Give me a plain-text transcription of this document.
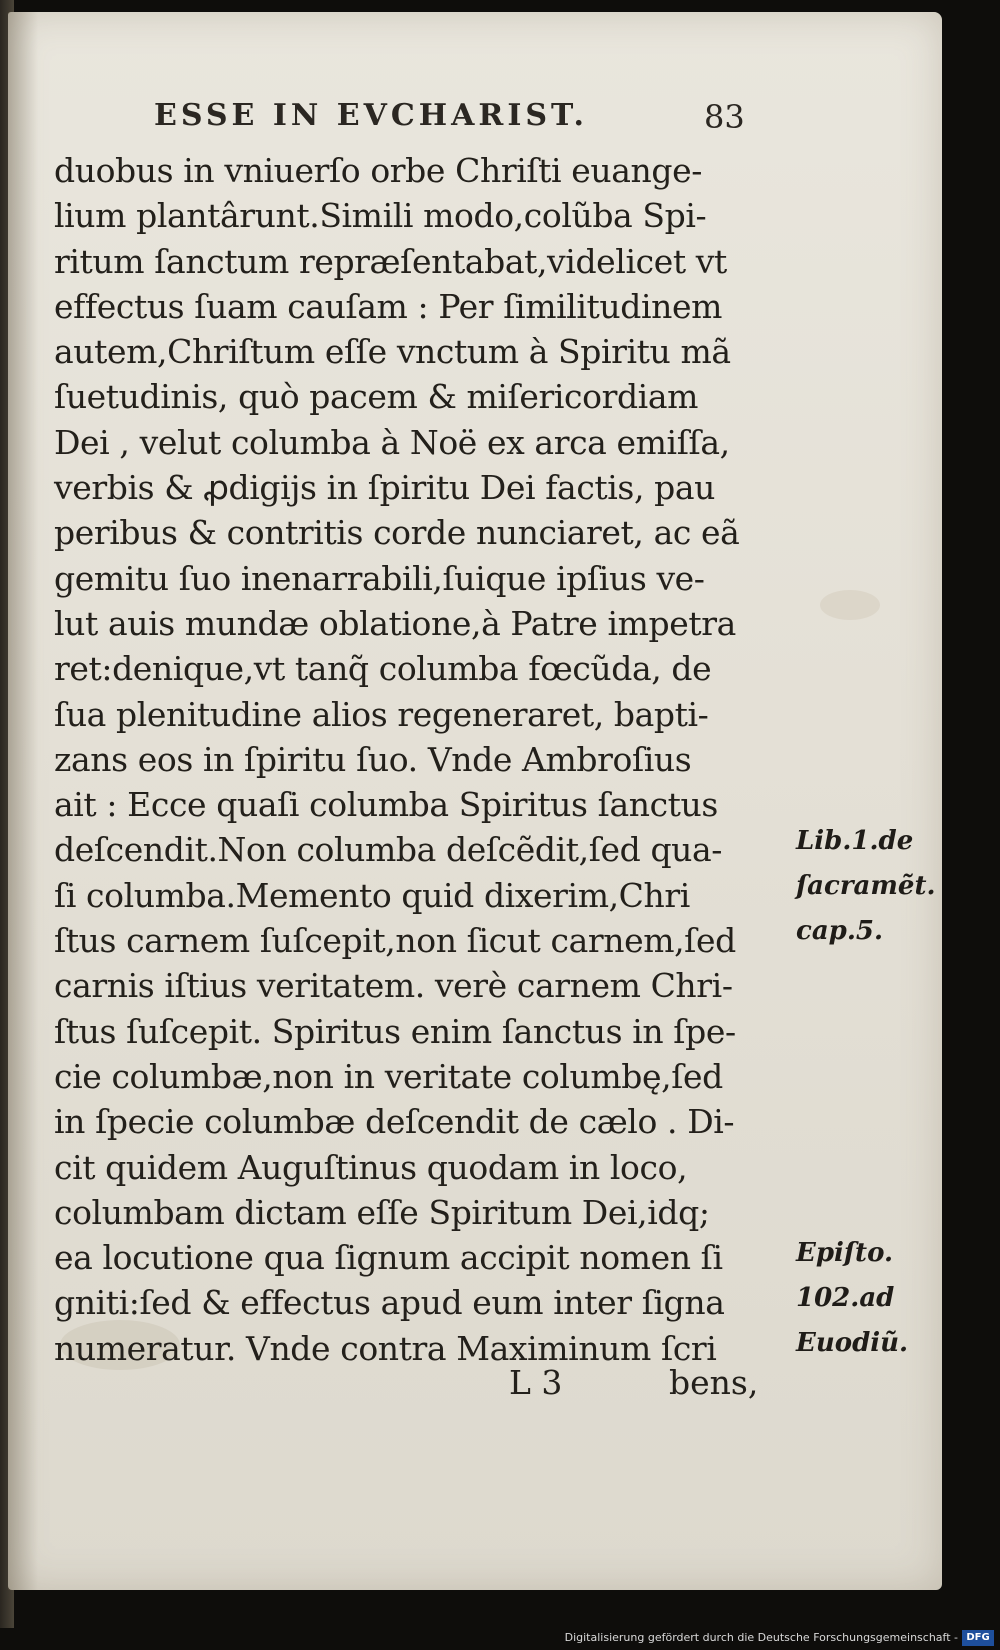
ESSE IN EVCHARIST.	83
duobus in vniuerſo orbe Chriſti euange-
lium plantârunt.Simili modo,colũba Spi-
ritum ſanctum repræſentabat,videlicet vt
effectus ſuam cauſam : Per ſimilitudinem
autem,Chriſtum eſſe vnctum à Spiritu mã
ſuetudinis, quò pacem & miſericordiam
Dei , velut columba à Noë ex arca emiſſa,
verbis & ꝓdigijs in ſpiritu Dei factis, pau
peribus & contritis corde nunciaret, ac eã
gemitu ſuo inenarrabili,ſuique ipſius ve-
lut auis mundæ oblatione,à Patre impetra
ret:denique,vt tanq̃ columba fœcũda, de
ſua plenitudine alios regeneraret, bapti-
zans eos in ſpiritu ſuo. Vnde Ambroſius
ait : Ecce quaſi columba Spiritus ſanctus
deſcendit.Non columba deſcẽdit,ſed qua-
ſi columba.Memento quid dixerim,Chri
ſtus carnem ſuſcepit,non ſicut carnem,ſed
carnis iſtius veritatem. verè carnem Chri-
ſtus ſuſcepit. Spiritus enim ſanctus in ſpe-
cie columbæ,non in veritate columbę,ſed
in ſpecie columbæ deſcendit de cælo . Di-
cit quidem Auguſtinus quodam in loco,
columbam dictam eſſe Spiritum Dei,idq;
ea locutione qua ſignum accipit nomen ſi
gniti:ſed & effectus apud eum inter ſigna
numeratur. Vnde contra Maximinum ſcri
Lib.1.de
ſacramẽt.
cap.5.
Epiſto.
102.ad
Euodiũ.
L 3	bens,
Digitalisierung gefördert durch die Deutsche Forschungsgemeinschaft - DFG
